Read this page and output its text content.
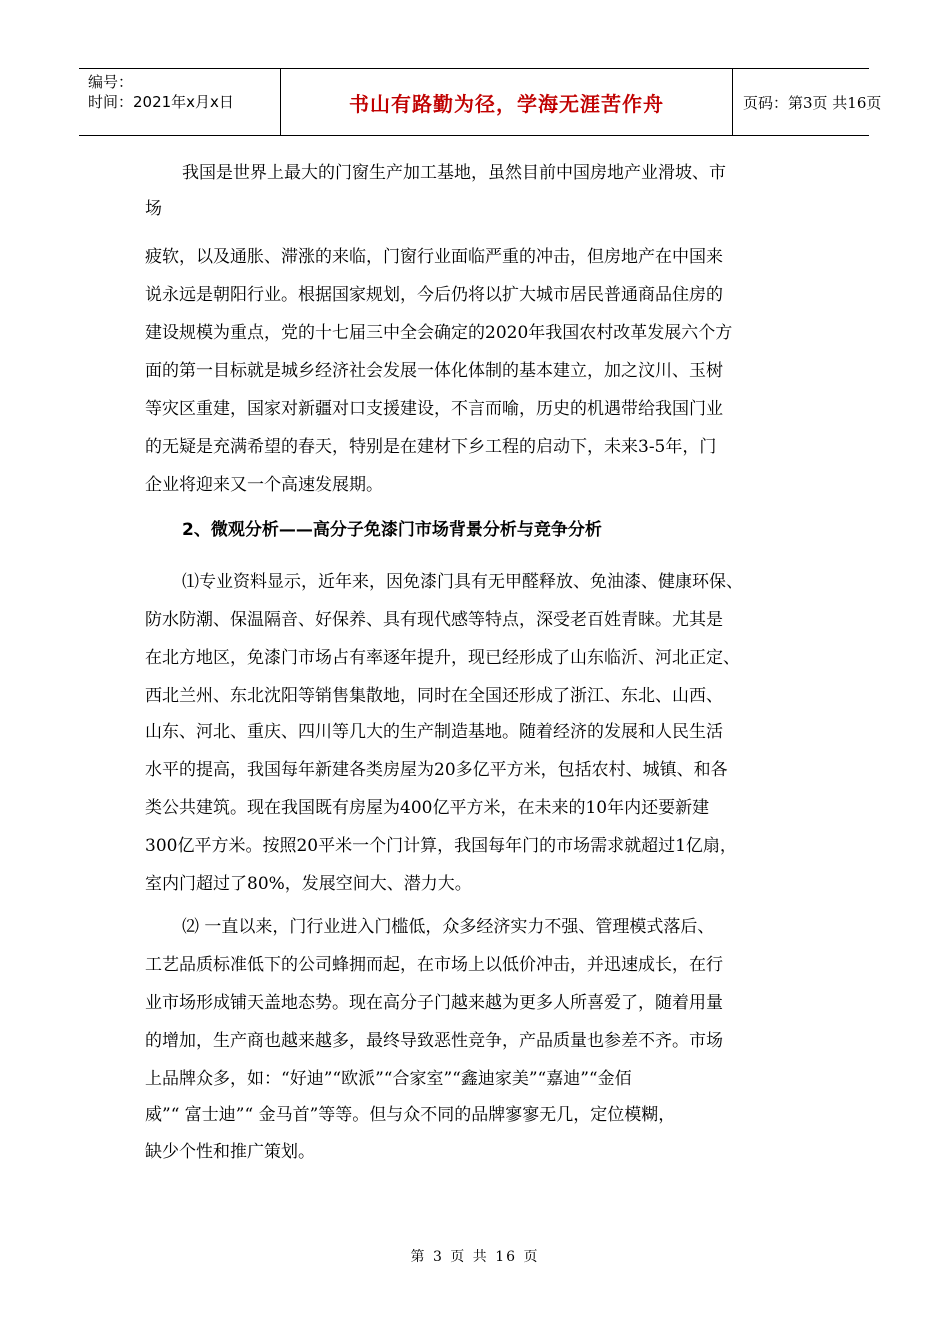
编号：
时间：2021年x月x日	书山有路勤为径，学海无涯苦作舟	页码：第3页 共16页
我国是世界上最大的门窗生产加工基地，虽然目前中国房地产业滑坡、市
场
疲软，以及通胀、滞涨的来临，门窗行业面临严重的冲击，但房地产在中国来
说永远是朝阳行业。根据国家规划，今后仍将以扩大城市居民普通商品住房的
建设规模为重点，党的十七届三中全会确定的2020年我国农村改革发展六个方
面的第一目标就是城乡经济社会发展一体化体制的基本建立，加之汶川、玉树
等灾区重建，国家对新疆对口支援建设，不言而喻，历史的机遇带给我国门业
的无疑是充满希望的春天，特别是在建材下乡工程的启动下，未来3-5年，门
企业将迎来又一个高速发展期。
2、微观分析——高分子免漆门市场背景分析与竞争分析
⑴专业资料显示，近年来，因免漆门具有无甲醛释放、免油漆、健康环保、
防水防潮、保温隔音、好保养、具有现代感等特点，深受老百姓青睐。尤其是
在北方地区，免漆门市场占有率逐年提升，现已经形成了山东临沂、河北正定、
西北兰州、东北沈阳等销售集散地，同时在全国还形成了浙江、东北、山西、
山东、河北、重庆、四川等几大的生产制造基地。随着经济的发展和人民生活
水平的提高，我国每年新建各类房屋为20多亿平方米，包括农村、城镇、和各
类公共建筑。现在我国既有房屋为400亿平方米，在未来的10年内还要新建
300亿平方米。按照20平米一个门计算，我国每年门的市场需求就超过1亿扇，
室内门超过了80%，发展空间大、潜力大。
⑵ 一直以来，门行业进入门槛低，众多经济实力不强、管理模式落后、
工艺品质标准低下的公司蜂拥而起，在市场上以低价冲击，并迅速成长，在行
业市场形成铺天盖地态势。现在高分子门越来越为更多人所喜爱了，随着用量
的增加，生产商也越来越多，最终导致恶性竞争，产品质量也参差不齐。市场
上品牌众多，如：“好迪”“欧派”“合家室”“鑫迪家美”“嘉迪”“金佰
威”“ 富士迪”“ 金马首”等等。但与众不同的品牌寥寥无几，定位模糊，
缺少个性和推广策划。
第 3 页 共 16 页
